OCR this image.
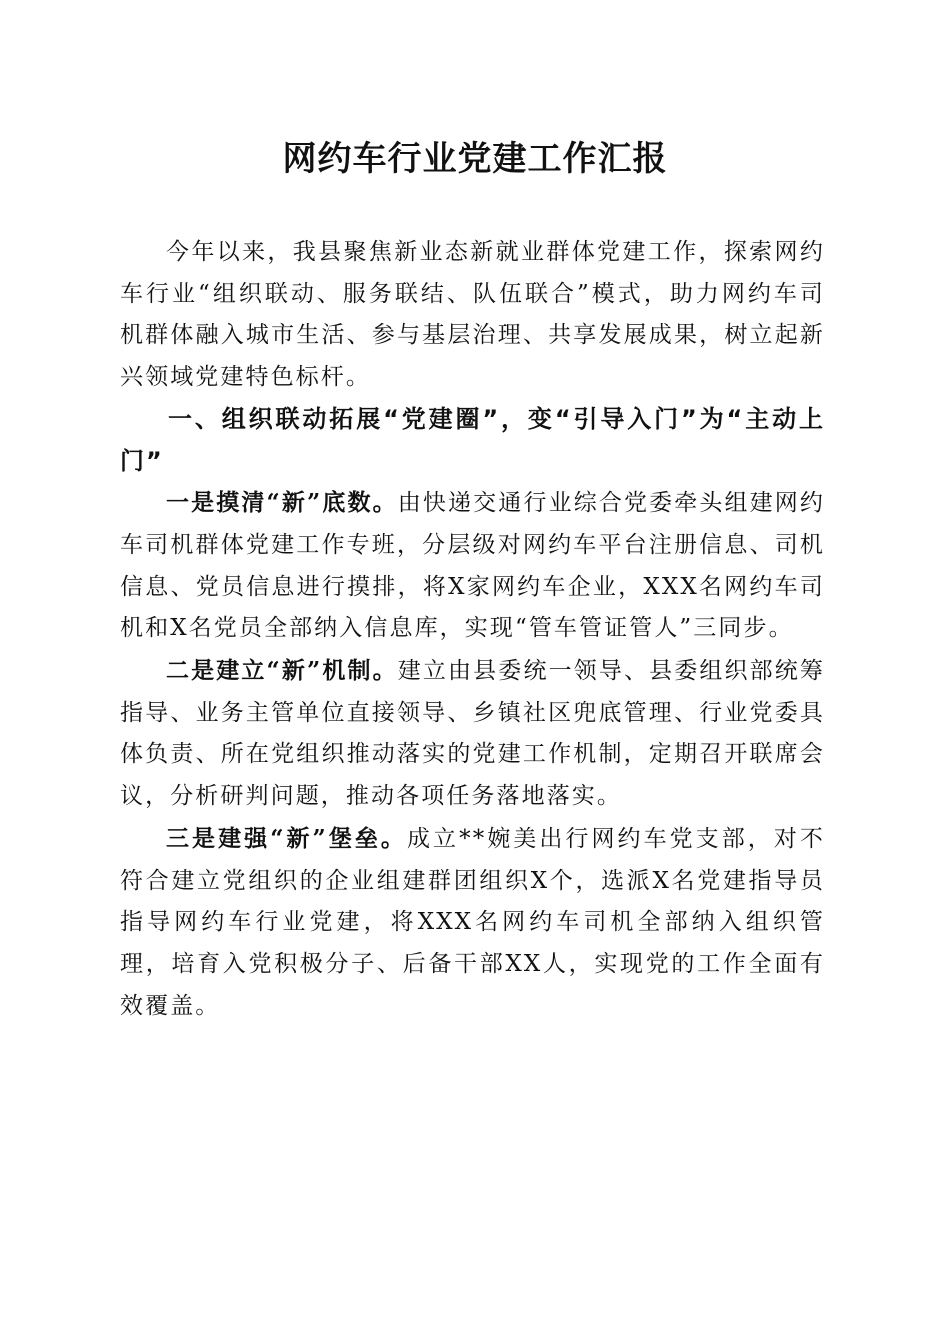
网约车行业党建工作汇报

今年以来，我县聚焦新业态新就业群体党建工作，探索网约车行业“组织联动、服务联结、队伍联合”模式，助力网约车司机群体融入城市生活、参与基层治理、共享发展成果，树立起新兴领域党建特色标杆。

一、组织联动拓展“党建圈”，变“引导入门”为“主动上门”

一是摸清“新”底数。由快递交通行业综合党委牵头组建网约车司机群体党建工作专班，分层级对网约车平台注册信息、司机信息、党员信息进行摸排，将X家网约车企业，XXX名网约车司机和X名党员全部纳入信息库，实现“管车管证管人”三同步。

二是建立“新”机制。建立由县委统一领导、县委组织部统筹指导、业务主管单位直接领导、乡镇社区兜底管理、行业党委具体负责、所在党组织推动落实的党建工作机制，定期召开联席会议，分析研判问题，推动各项任务落地落实。

三是建强“新”堡垒。成立**婉美出行网约车党支部，对不符合建立党组织的企业组建群团组织X个，选派X名党建指导员指导网约车行业党建，将XXX名网约车司机全部纳入组织管理，培育入党积极分子、后备干部XX人，实现党的工作全面有效覆盖。
